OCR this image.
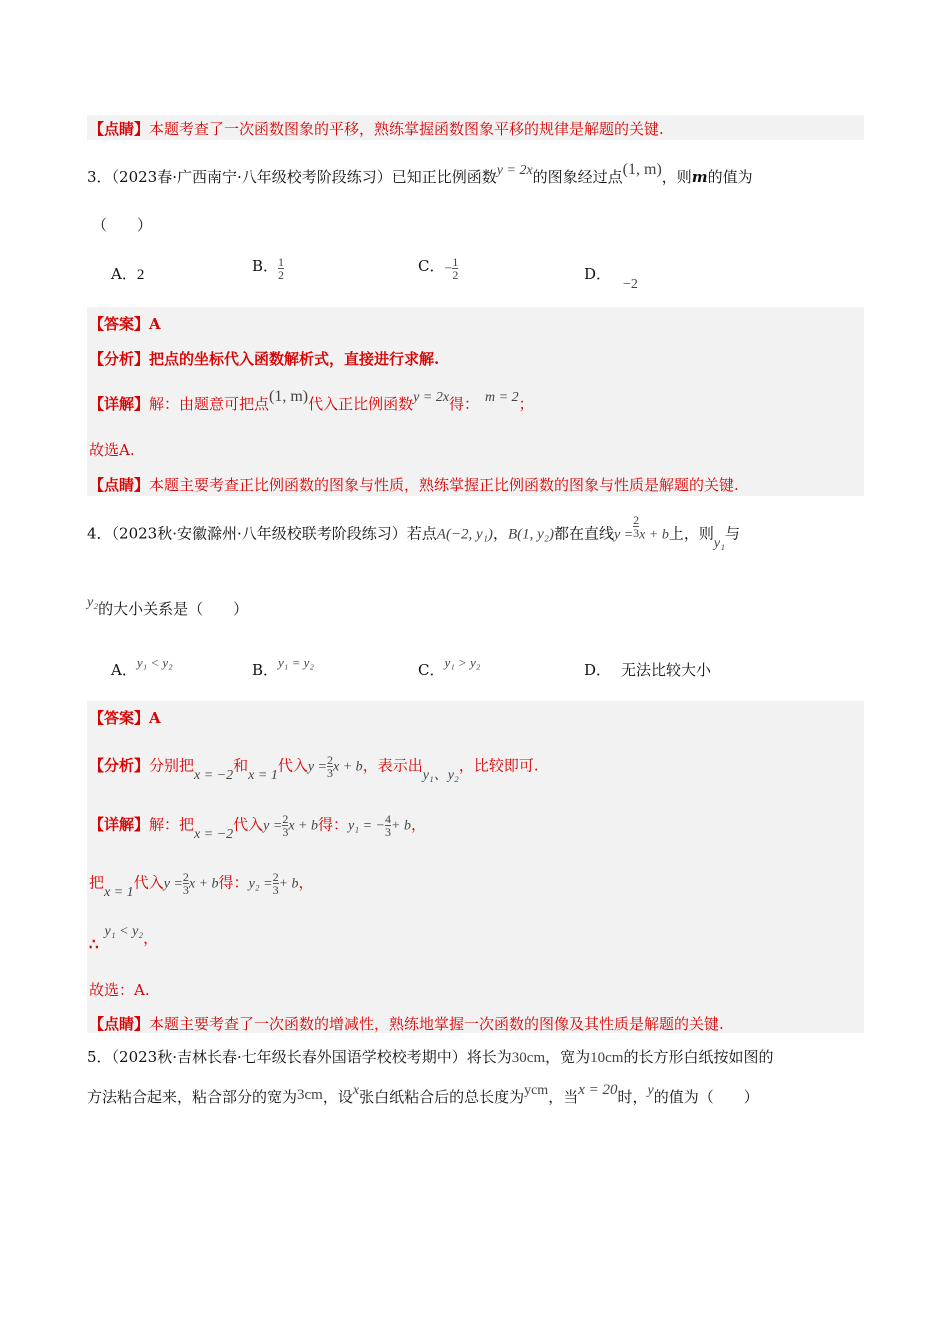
【点睛】本题考查了一次函数图象的平移，熟练掌握函数图象平移的规律是解题的关键.
3．（2023春·广西南宁·八年级校考阶段练习）已知正比例函数y = 2x的图象经过点(1, m)，则m的值为
（　　）
A．2
B． $\frac{1}{2}$	C．− $\frac{1}{2}$	D．−2
【答案】A
【分析】把点的坐标代入函数解析式，直接进行求解.
【详解】解：由题意可把点(1, m)代入正比例函数y = 2x得： m = 2；
故选A.
【点睛】本题主要考查正比例函数的图象与性质，熟练掌握正比例函数的图象与性质是解题的关键.
4．（2023秋·安徽滁州·八年级校联考阶段练习）若点A(−2, y₁)，B(1, y₂)都在直线$y = \frac{2}{3}$ x + b上，则y₁与
y₂的大小关系是（　　）
A．y₁ < y₂	B．y₁ = y₂	C．y₁ > y₂	D． 无法比较大小
【答案】A
【分析】分别把x = −2和x = 1代入$y = \frac{2}{3}$ x + b，表示出y₁、y₂，比较即可.
【详解】解：把x = −2代入$y = \frac{2}{3}$ x + b得：y₁ = − $\frac{4}{3} + b$，
把x = 1代入$y = \frac{2}{3}$ x + b得：$y_2 = \frac{2}{3} + b$，
∴y₁ < y₂，
故选：A.
【点睛】本题主要考查了一次函数的增减性，熟练地掌握一次函数的图像及其性质是解题的关键.
5．（2023秋·吉林长春·七年级长春外国语学校校考期中）将长为30cm，宽为10cm的长方形白纸按如图的
方法粘合起来，粘合部分的宽为3cm，设x张白纸粘合后的总长度为ycm，当x = 20时，y的值为（　　）
